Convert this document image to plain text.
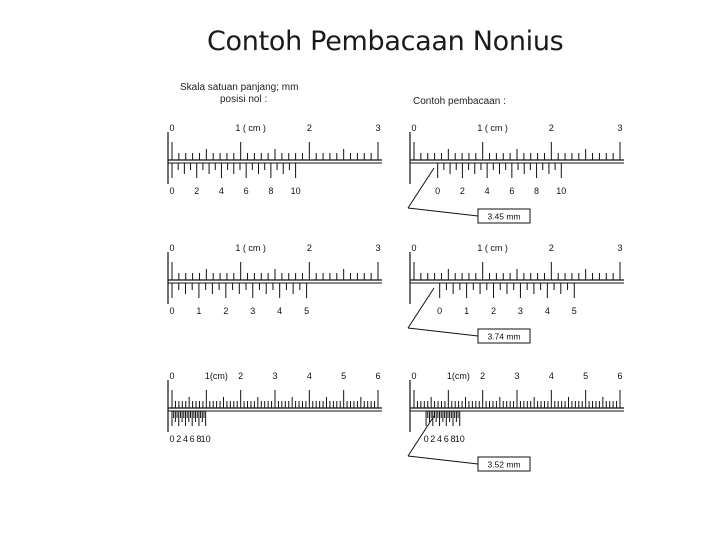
Contoh Pembacaan Nonius
Skala satuan panjang; mm
posisi nol :	Contoh pembacaan :
0	1 ( cm )	2	3
0 2 4 6 8 10
0	1 ( cm )	2	3
0 2 4 6 8 10
3.45 mm
0	1 ( cm )	2	3
0 1 2 3 4 5
0	1 ( cm )	2	3
0 1 2 3 4 5
3.74 mm
0	1(cm) 2	3	4	5	6
0 2 4 6 8 10
0	1(cm) 2	3	4	5	6
0 2 4 6 8 10
3.52 mm
